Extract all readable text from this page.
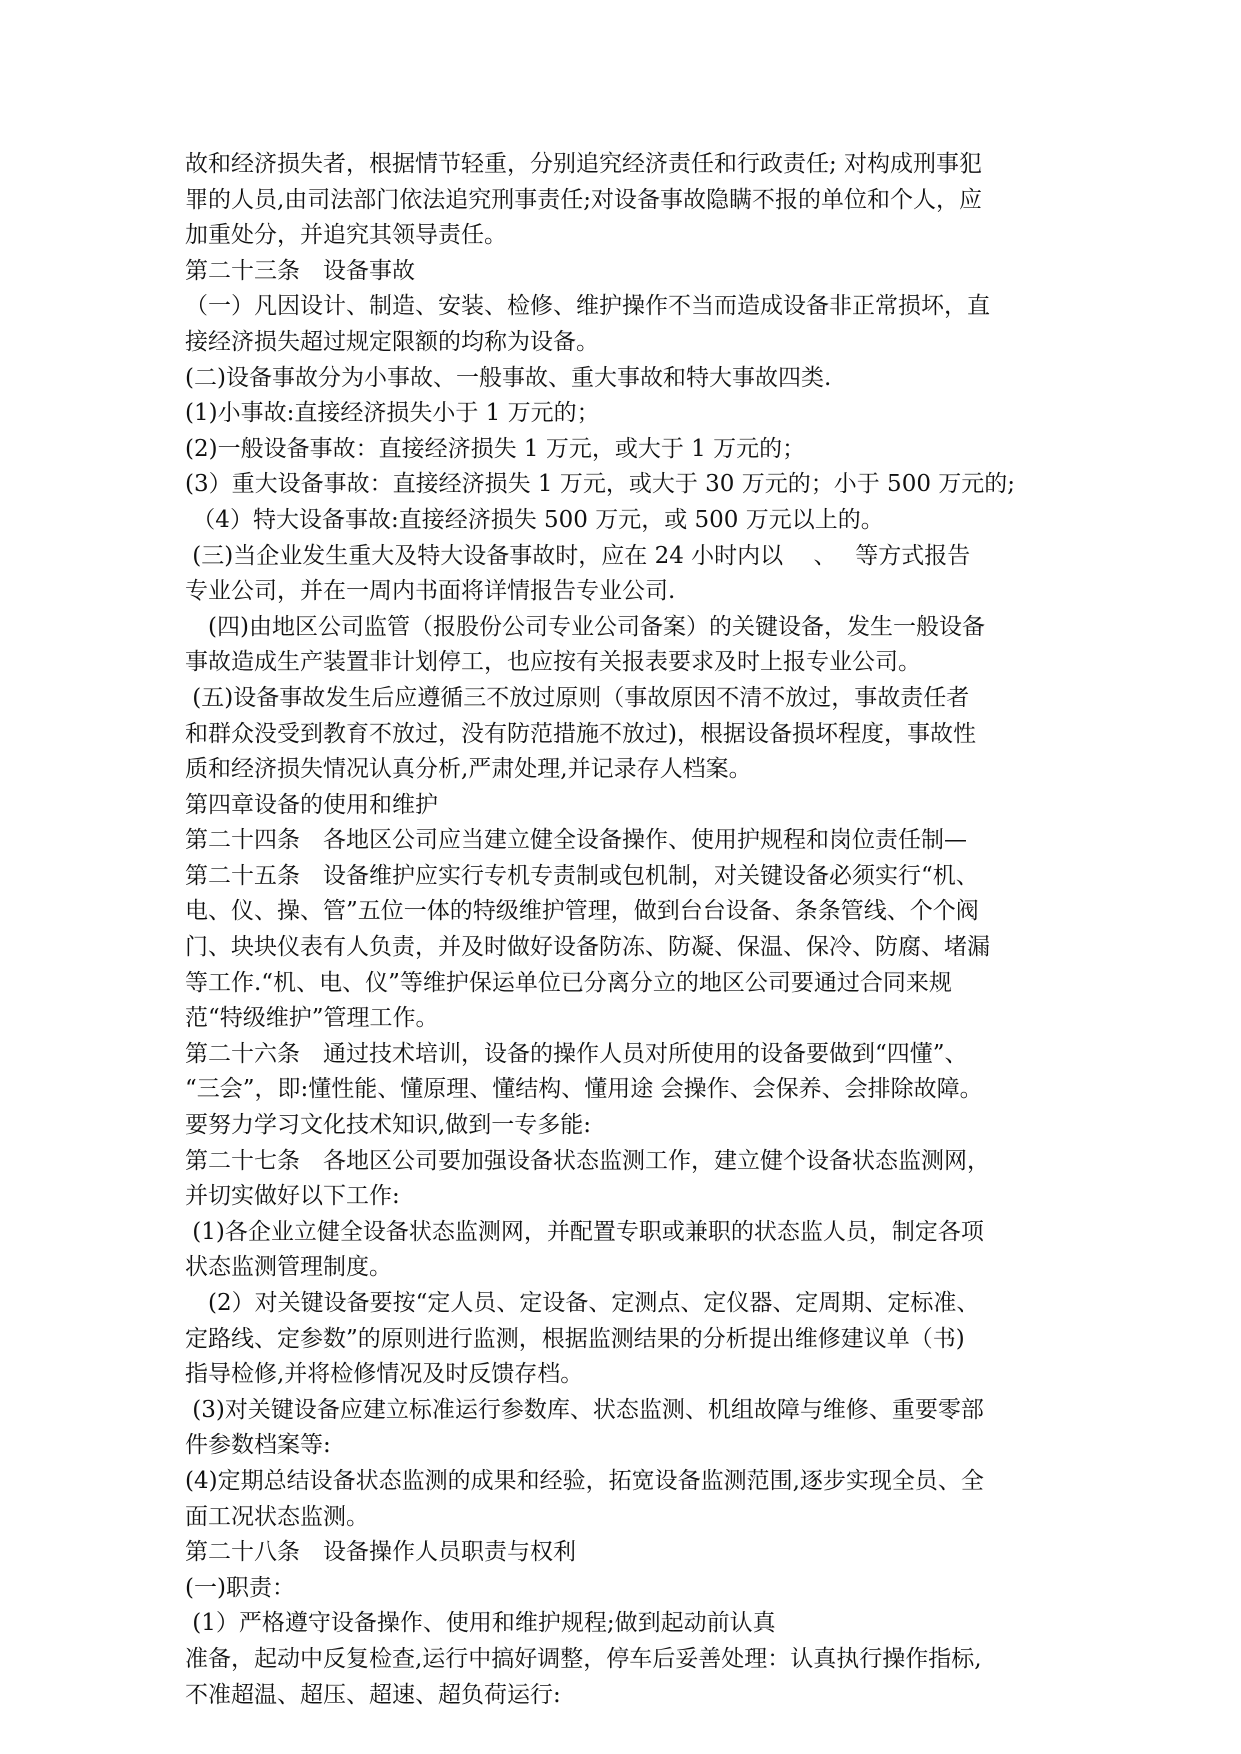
故和经济损失者，根据情节轻重，分别追究经济责任和行政责任; 对构成刑事犯
罪的人员,由司法部门依法追究刑事责任;对设备事故隐瞒不报的单位和个人，应
加重处分，并追究其领导责任。
第二十三条　设备事故
（一）凡因设计、制造、安装、检修、维护操作不当而造成设备非正常损坏，直
接经济损失超过规定限额的均称为设备。
(二)设备事故分为小事故、一般事故、重大事故和特大事故四类.
(1)小事故:直接经济损失小于 1 万元的；
(2)一般设备事故：直接经济损失 1 万元，或大于 1 万元的；
(3）重大设备事故：直接经济损失 1 万元，或大于 30 万元的；小于 500 万元的;
（4）特大设备事故:直接经济损失 500 万元，或 500 万元以上的。
(三)当企业发生重大及特大设备事故时，应在 24 小时内以　 、　 等方式报告
专业公司，并在一周内书面将详情报告专业公司.
　(四)由地区公司监管（报股份公司专业公司备案）的关键设备，发生一般设备
事故造成生产装置非计划停工，也应按有关报表要求及时上报专业公司。
(五)设备事故发生后应遵循三不放过原则（事故原因不清不放过，事故责任者
和群众没受到教育不放过，没有防范措施不放过)，根据设备损坏程度，事故性
质和经济损失情况认真分析,严肃处理,并记录存人档案。
第四章设备的使用和维护
第二十四条　各地区公司应当建立健全设备操作、使用护规程和岗位责任制—
第二十五条　设备维护应实行专机专责制或包机制，对关键设备必须实行“机、
电、仪、操、管”五位一体的特级维护管理，做到台台设备、条条管线、个个阀
门、块块仪表有人负责，并及时做好设备防冻、防凝、保温、保冷、防腐、堵漏
等工作.“机、电、仪”等维护保运单位已分离分立的地区公司要通过合同来规
范“特级维护”管理工作。
第二十六条　通过技术培训，设备的操作人员对所使用的设备要做到“四懂”、
“三会”，即:懂性能、懂原理、懂结构、懂用途 会操作、会保养、会排除故障。
要努力学习文化技术知识,做到一专多能:
第二十七条　各地区公司要加强设备状态监测工作，建立健个设备状态监测网，
并切实做好以下工作:
(1)各企业立健全设备状态监测网，并配置专职或兼职的状态监人员，制定各项
状态监测管理制度。
　(2）对关键设备要按“定人员、定设备、定测点、定仪器、定周期、定标准、
定路线、定参数”的原则进行监测，根据监测结果的分析提出维修建议单（书)
指导检修,并将检修情况及时反馈存档。
(3)对关键设备应建立标准运行参数库、状态监测、机组故障与维修、重要零部
件参数档案等:
(4)定期总结设备状态监测的成果和经验，拓宽设备监测范围,逐步实现全员、全
面工况状态监测。
第二十八条　设备操作人员职责与权利
(一)职责：
(1）严格遵守设备操作、使用和维护规程;做到起动前认真
准备，起动中反复检查,运行中搞好调整，停车后妥善处理：认真执行操作指标,
不准超温、超压、超速、超负荷运行:
